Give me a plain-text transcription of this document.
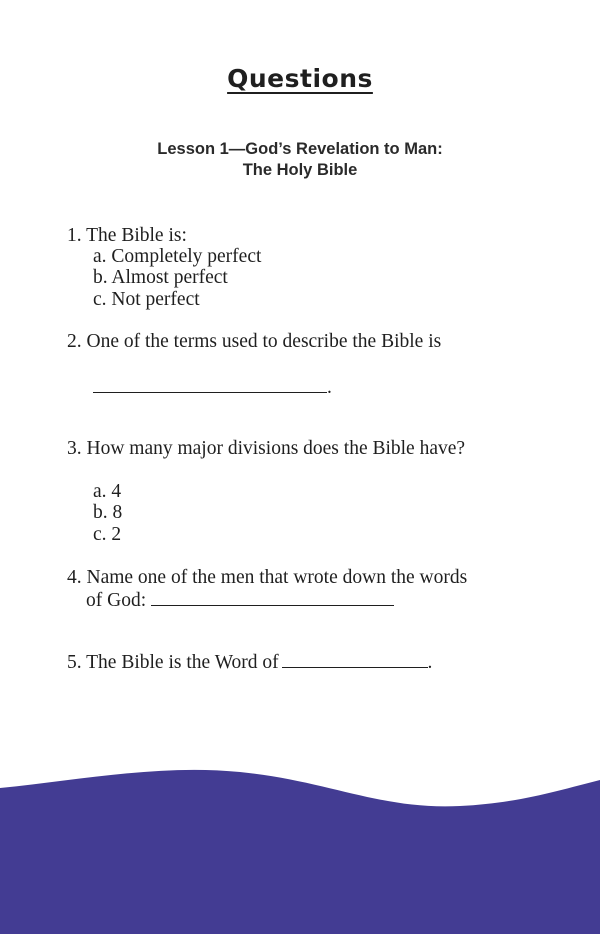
Questions
Lesson 1—God’s Revelation to Man:
The Holy Bible
1. The Bible is:
a. Completely perfect
b. Almost perfect
c. Not perfect
2. One of the terms used to describe the Bible is
.
3. How many major divisions does the Bible have?
a. 4
b. 8
c. 2
4. Name one of the men that wrote down the words
of God:
5. The Bible is the Word of	.
